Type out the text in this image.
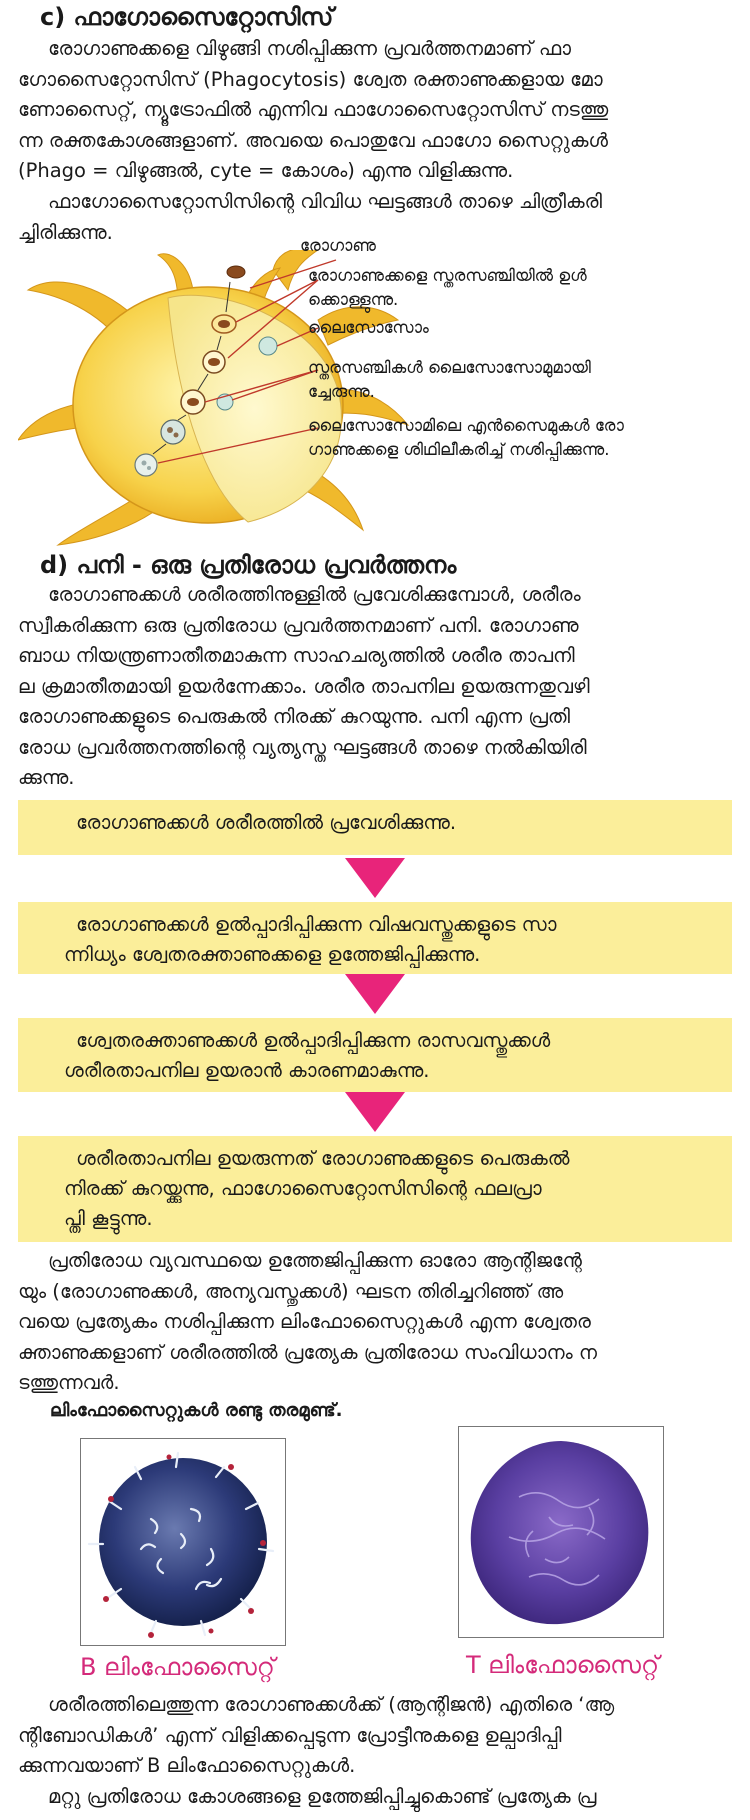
c) ഫാഗോസൈറ്റോസിസ്
രോഗാണുക്കളെ വിഴുങ്ങി നശിപ്പിക്കുന്ന പ്രവർത്തനമാണ് ഫാ
ഗോസൈറ്റോസിസ് (Phagocytosis) ശ്വേത രക്താണുക്കളായ മോ
ണോസൈറ്റ്, ന്യൂട്രോഫിൽ എന്നിവ ഫാഗോസൈറ്റോസിസ് നടത്തു
ന്ന രക്തകോശങ്ങളാണ്. അവയെ പൊതുവേ ഫാഗോ സൈറ്റുകൾ
(Phago = വിഴുങ്ങൽ, cyte = കോശം) എന്നു വിളിക്കുന്നു.
ഫാഗോസൈറ്റോസിസിന്റെ വിവിധ ഘട്ടങ്ങൾ താഴെ ചിത്രീകരി
ച്ചിരിക്കുന്നു.
രോഗാണു
രോഗാണുക്കളെ സ്തരസഞ്ചിയിൽ ഉൾ
ക്കൊള്ളുന്നു.
ലൈസോസോം
സ്തരസഞ്ചികൾ ലൈസോസോമുമായി
ച്ചേരുന്നു.
ലൈസോസോമിലെ എൻസൈമുകൾ രോ
ഗാണുക്കളെ ശിഥിലീകരിച്ച് നശിപ്പിക്കുന്നു.
d) പനി - ഒരു പ്രതിരോധ പ്രവർത്തനം
രോഗാണുക്കൾ ശരീരത്തിനുള്ളിൽ പ്രവേശിക്കുമ്പോൾ, ശരീരം
സ്വീകരിക്കുന്ന ഒരു പ്രതിരോധ പ്രവർത്തനമാണ് പനി. രോഗാണു
ബാധ നിയന്ത്രണാതീതമാകുന്ന സാഹചര്യത്തിൽ ശരീര താപനി
ല ക്രമാതീതമായി ഉയർന്നേക്കാം. ശരീര താപനില ഉയരുന്നതുവഴി
രോഗാണുക്കളുടെ പെരുകൽ നിരക്ക് കുറയുന്നു. പനി എന്ന പ്രതി
രോധ പ്രവർത്തനത്തിന്റെ വ്യത്യസ്ത ഘട്ടങ്ങൾ താഴെ നൽകിയിരി
ക്കുന്നു.
രോഗാണുക്കൾ ശരീരത്തിൽ പ്രവേശിക്കുന്നു.
രോഗാണുക്കൾ ഉൽപ്പാദിപ്പിക്കുന്ന വിഷവസ്തുക്കളുടെ സാ
ന്നിധ്യം ശ്വേതരക്താണുക്കളെ ഉത്തേജിപ്പിക്കുന്നു.
ശ്വേതരക്താണുക്കൾ ഉൽപ്പാദിപ്പിക്കുന്ന രാസവസ്തുക്കൾ
ശരീരതാപനില ഉയരാൻ കാരണമാകുന്നു.
ശരീരതാപനില ഉയരുന്നത് രോഗാണുക്കളുടെ പെരുകൽ
നിരക്ക് കുറയ്ക്കുന്നു, ഫാഗോസൈറ്റോസിസിന്റെ ഫലപ്രാ
പ്തി കൂട്ടുന്നു.
പ്രതിരോധ വ്യവസ്ഥയെ ഉത്തേജിപ്പിക്കുന്ന ഓരോ ആന്റിജന്റേ
യും (രോഗാണുക്കൾ, അന്യവസ്തുക്കൾ) ഘടന തിരിച്ചറിഞ്ഞ് അ
വയെ പ്രത്യേകം നശിപ്പിക്കുന്ന ലിംഫോസൈറ്റുകൾ എന്ന ശ്വേതര
ക്താണുക്കളാണ് ശരീരത്തിൽ പ്രത്യേക പ്രതിരോധ സംവിധാനം ന
ടത്തുന്നവർ.
ലിംഫോസൈറ്റുകൾ രണ്ടു തരമുണ്ട്.
B ലിംഫോസൈറ്റ്	T ലിംഫോസൈറ്റ്
ശരീരത്തിലെത്തുന്ന രോഗാണുക്കൾക്ക് (ആന്റിജൻ) എതിരെ ‘ആ
ന്റിബോഡികൾ’ എന്ന് വിളിക്കപ്പെടുന്ന പ്രോട്ടീനുകളെ ഉല്പാദിപ്പി
ക്കുന്നവയാണ് B ലിംഫോസൈറ്റുകൾ.
മറ്റു പ്രതിരോധ കോശങ്ങളെ ഉത്തേജിപ്പിച്ചുകൊണ്ട് പ്രത്യേക പ്ര
